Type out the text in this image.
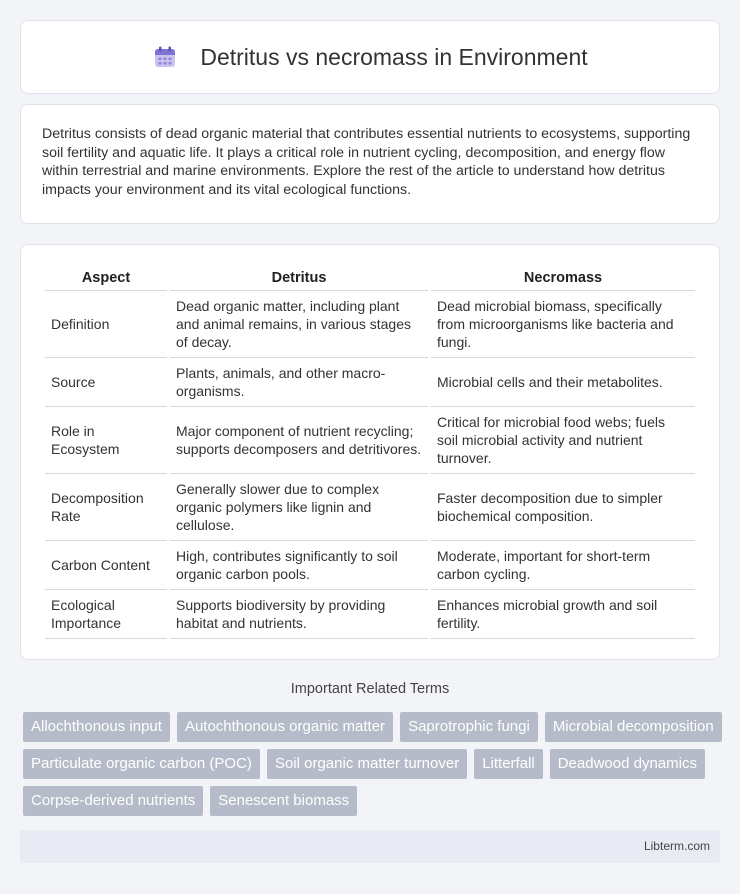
Detritus vs necromass in Environment

Detritus consists of dead organic material that contributes essential nutrients to ecosystems, supporting soil fertility and aquatic life. It plays a critical role in nutrient cycling, decomposition, and energy flow within terrestrial and marine environments. Explore the rest of the article to understand how detritus impacts your environment and its vital ecological functions.

Aspect	Detritus	Necromass
Definition	Dead organic matter, including plant and animal remains, in various stages of decay.	Dead microbial biomass, specifically from microorganisms like bacteria and fungi.
Source	Plants, animals, and other macro-organisms.	Microbial cells and their metabolites.
Role in Ecosystem	Major component of nutrient recycling; supports decomposers and detritivores.	Critical for microbial food webs; fuels soil microbial activity and nutrient turnover.
Decomposition Rate	Generally slower due to complex organic polymers like lignin and cellulose.	Faster decomposition due to simpler biochemical composition.
Carbon Content	High, contributes significantly to soil organic carbon pools.	Moderate, important for short-term carbon cycling.
Ecological Importance	Supports biodiversity by providing habitat and nutrients.	Enhances microbial growth and soil fertility.
Important Related Terms
Allochthonous input	Autochthonous organic matter	Saprotrophic fungi	Microbial decomposition
Particulate organic carbon (POC)	Soil organic matter turnover	Litterfall	Deadwood dynamics
Corpse-derived nutrients	Senescent biomass
Libterm.com
